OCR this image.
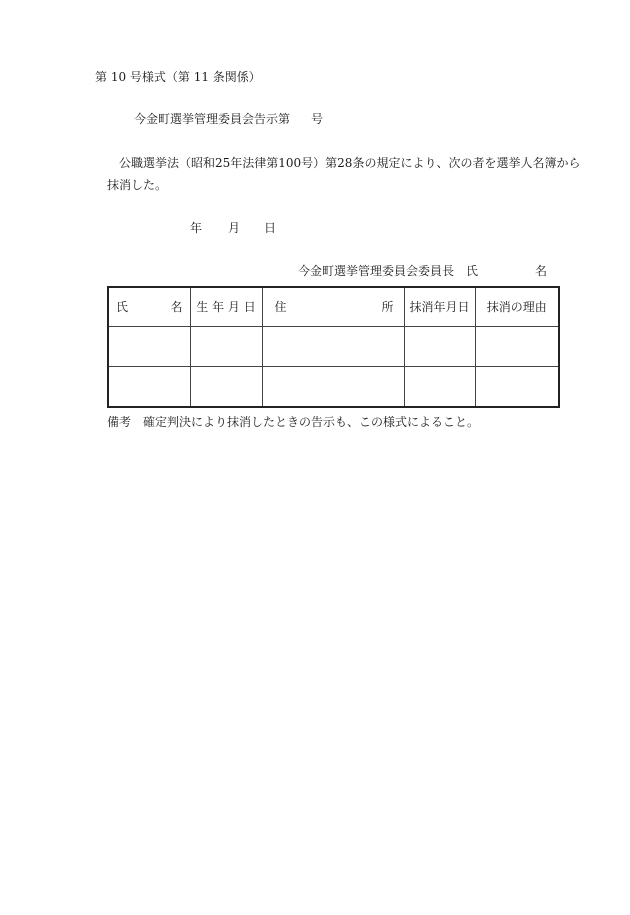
第 10 号様式（第 11 条関係）
今金町選挙管理委員会告示第 号
公職選挙法（昭和25年法律第100号）第28条の規定により、次の者を選挙人名簿から
抹消した。
年 月 日
今金町選挙管理委員会委員長　氏	名
氏 名	生 年 月 日	住 所	抹消年月日	抹消の理由

備考　確定判決により抹消したときの告示も、この様式によること。
